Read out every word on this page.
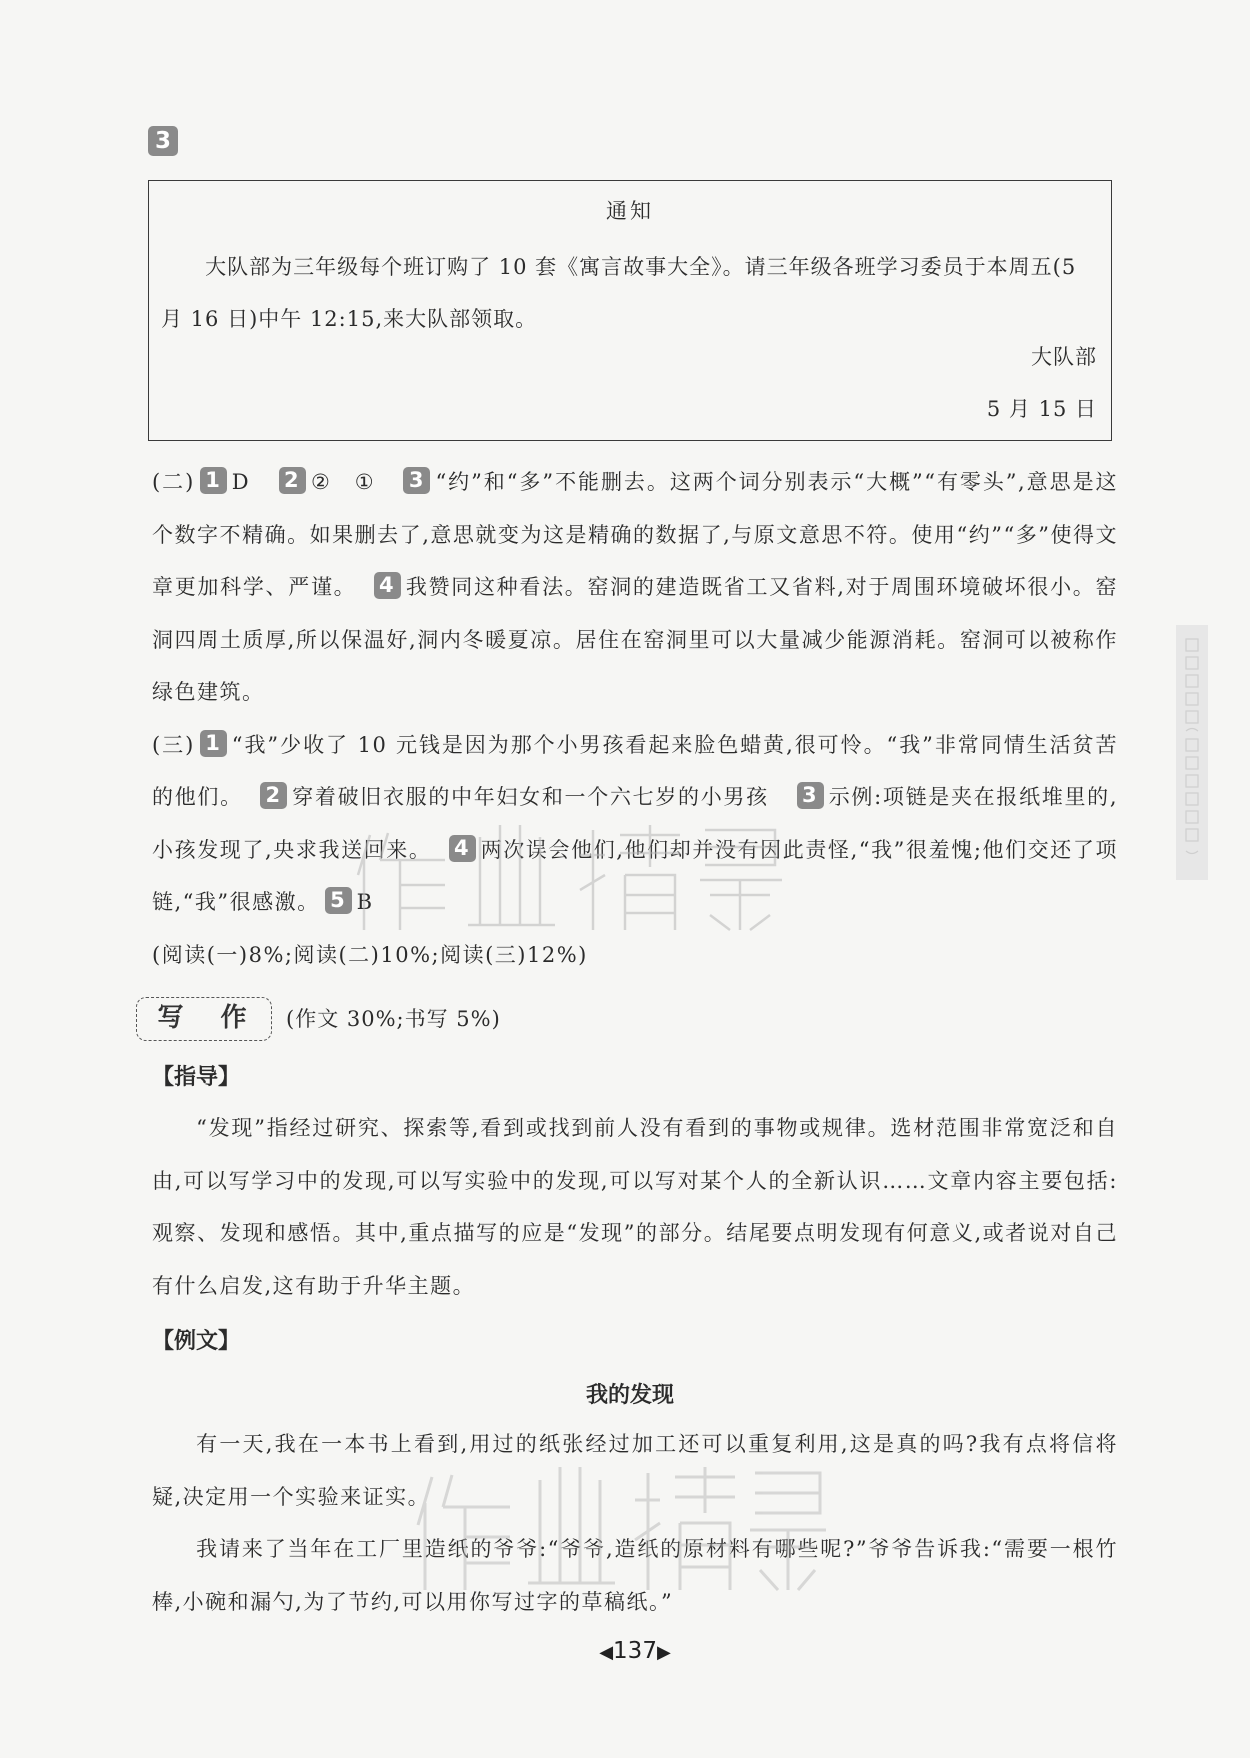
3
通知
大队部为三年级每个班订购了 10 套《寓言故事大全》。请三年级各班学习委员于本周五(5 月 16 日)中午 12:15,来大队部领取。
大队部
5 月 15 日

(二) 1 D　 2 ②　①　 3 “约”和“多”不能删去。这两个词分别表示“大概”“有零头”,意思是这个数字不精确。如果删去了,意思就变为这是精确的数据了,与原文意思不符。使用“约”“多”使得文章更加科学、严谨。　 4 我赞同这种看法。窑洞的建造既省工又省料,对于周围环境破坏很小。窑洞四周土质厚,所以保温好,洞内冬暖夏凉。居住在窑洞里可以大量减少能源消耗。窑洞可以被称作绿色建筑。

(三) 1 “我”少收了 10 元钱是因为那个小男孩看起来脸色蜡黄,很可怜。“我”非常同情生活贫苦的他们。　 2 穿着破旧衣服的中年妇女和一个六七岁的小男孩　 3 示例:项链是夹在报纸堆里的,小孩发现了,央求我送回来。　 4 两次误会他们,他们却并没有因此责怪,“我”很羞愧;他们交还了项链,“我”很感激。 5 B

(阅读(一)8%;阅读(二)10%;阅读(三)12%)

写 作	(作文 30%;书写 5%)
【指导】
“发现”指经过研究、探索等,看到或找到前人没有看到的事物或规律。选材范围非常宽泛和自由,可以写学习中的发现,可以写实验中的发现,可以写对某个人的全新认识……文章内容主要包括:观察、发现和感悟。其中,重点描写的应是“发现”的部分。结尾要点明发现有何意义,或者说对自己有什么启发,这有助于升华主题。
【例文】
我的发现
有一天,我在一本书上看到,用过的纸张经过加工还可以重复利用,这是真的吗?我有点将信将疑,决定用一个实验来证实。
我请来了当年在工厂里造纸的爷爷:“爷爷,造纸的原材料有哪些呢?”爷爷告诉我:“需要一根竹棒,小碗和漏勺,为了节约,可以用你写过字的草稿纸。”
◀137▶
